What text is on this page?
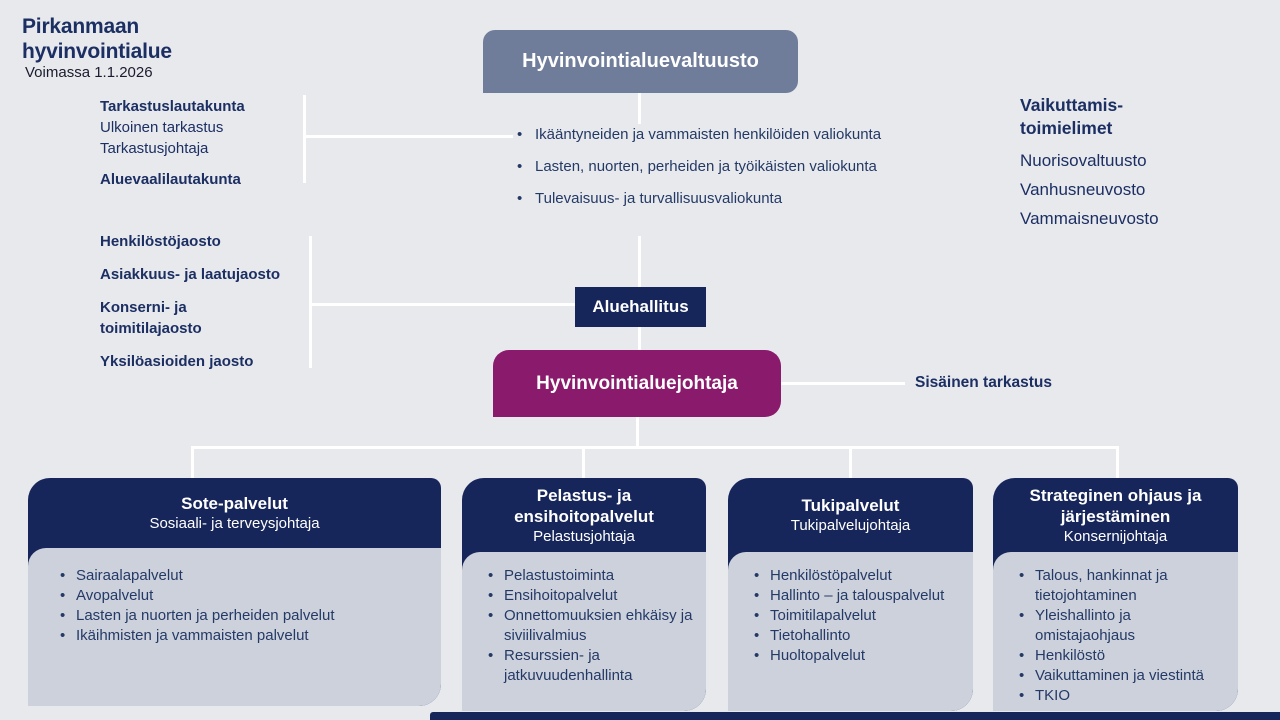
Pirkanmaan
hyvinvointialue
Voimassa 1.1.2026
Hyvinvointialuevaltuusto
Tarkastuslautakunta
Ulkoinen tarkastus
Tarkastusjohtaja
Aluevaalilautakunta
Henkilöstöjaosto
Asiakkuus- ja laatujaosto
Konserni- ja toimitilajaosto
Yksilöasioiden jaosto
• Ikääntyneiden ja vammaisten henkilöiden valiokunta
• Lasten, nuorten, perheiden ja työikäisten valiokunta
• Tulevaisuus- ja turvallisuusvaliokunta
Vaikuttamis-
toimielimet
Nuorisovaltuusto
Vanhusneuvosto
Vammaisneuvosto
Aluehallitus
Hyvinvointialuejohtaja	Sisäinen tarkastus
Sote-palvelut
Sosiaali- ja terveysjohtaja
• Sairaalapalvelut
• Avopalvelut
• Lasten ja nuorten ja perheiden palvelut
• Ikäihmisten ja vammaisten palvelut
Pelastus- ja ensihoitopalvelut
Pelastusjohtaja
• Pelastustoiminta
• Ensihoitopalvelut
• Onnettomuuksien ehkäisy ja siviilivalmius
• Resurssien- ja jatkuvuudenhallinta
Tukipalvelut
Tukipalvelujohtaja
• Henkilöstöpalvelut
• Hallinto – ja talouspalvelut
• Toimitilapalvelut
• Tietohallinto
• Huoltopalvelut
Strateginen ohjaus ja järjestäminen
Konsernijohtaja
• Talous, hankinnat ja tietojohtaminen
• Yleishallinto ja omistajaohjaus
• Henkilöstö
• Vaikuttaminen ja viestintä
• TKIO
